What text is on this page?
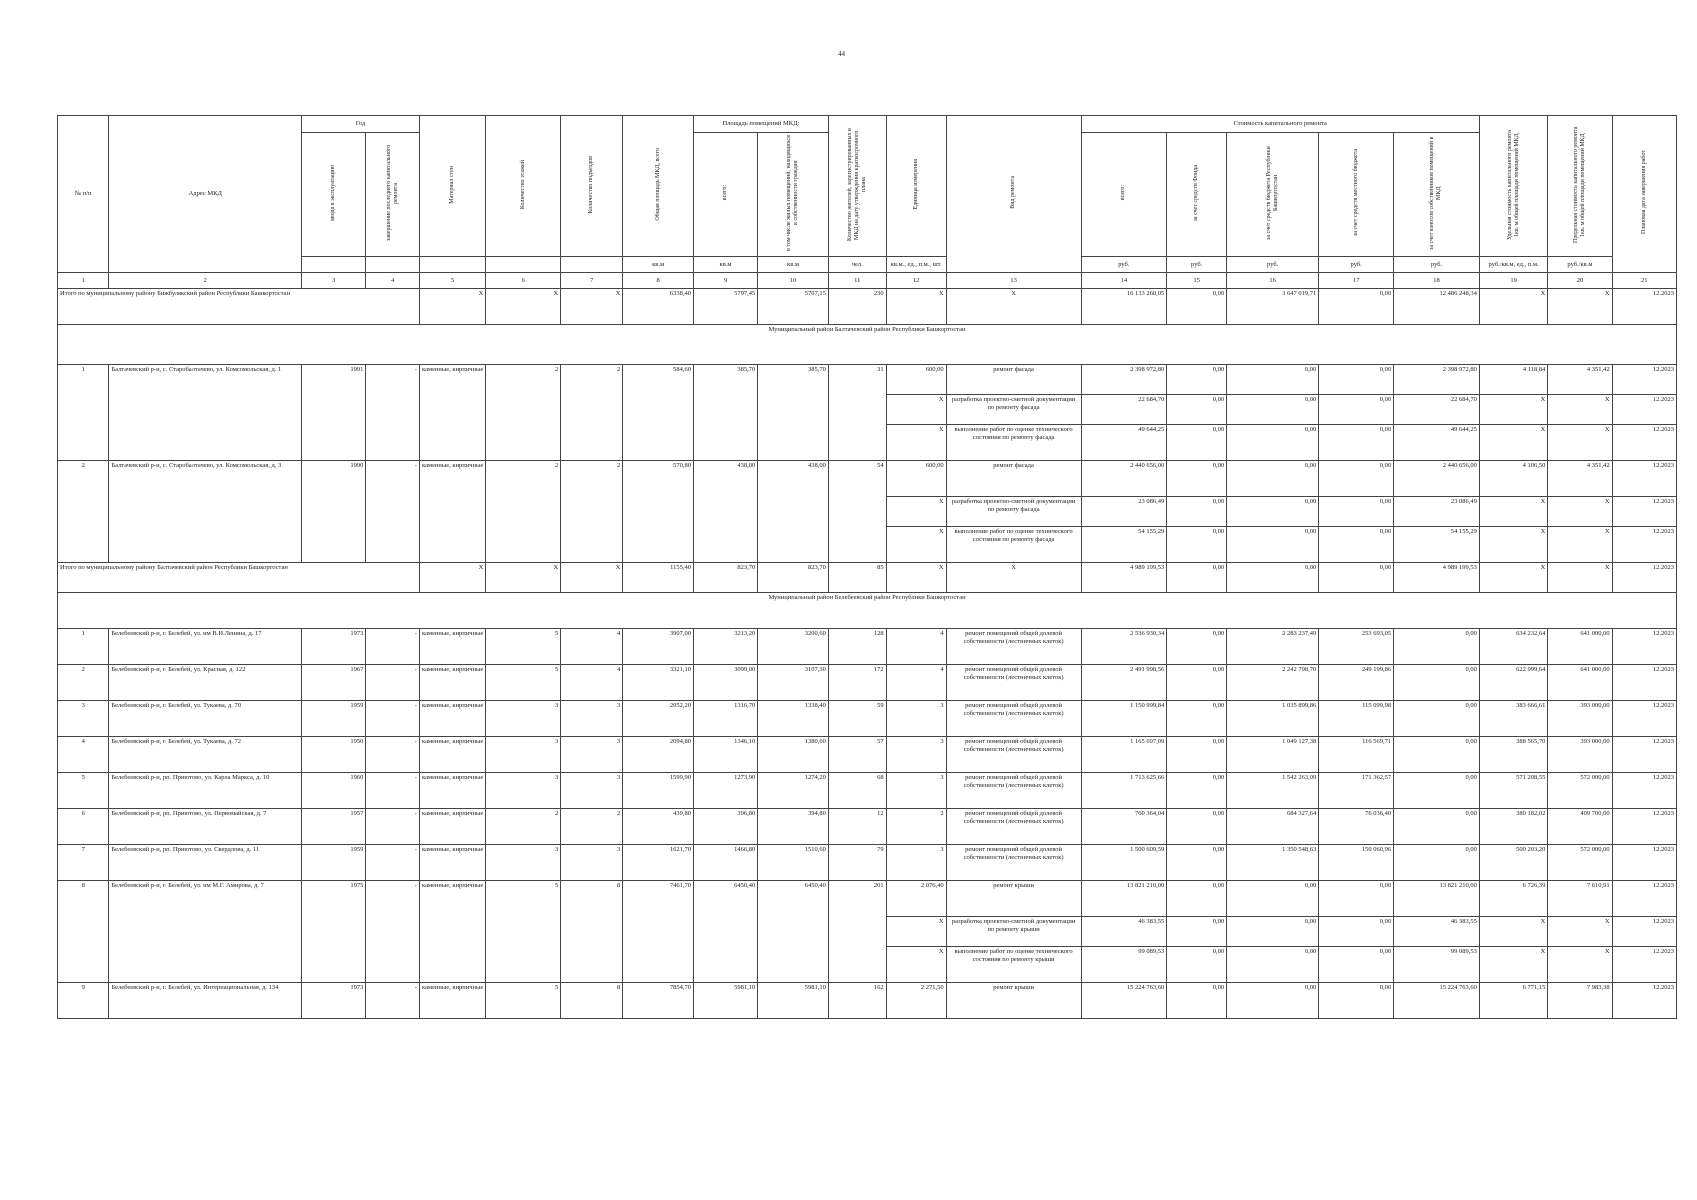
44
№ п/п	Адрес МКД	Год		Материал стен	Количество этажей	Количество подъездов	Общая площадь МКД, всего	Площадь помещений МКД:		Количество жителей, зарегистрированных в МКД на дату утверждения краткосрочного плана	Единица измерения	Вид ремонта	Стоимость капитального ремонта					Удельная стоимость капитального ремонта 1кв. м общей площади помещений МКД	Предельная стоимость капитального ремонта 1кв. м общей площади помещений МКД	Плановая дата завершения работ
		ввода в эксплуатацию	завершение последнего капитального ремонта					всего:	в том числе жилых помещений, находящихся в собственности граждан				всего:	за счет средств Фонда	за счет средств бюджета Республики Башкортостан	за счет средств местного бюджета	за счет взносов собственников помещений в МКД			
							кв.м	кв.м	кв.м	чел.	кв.м., ед., п.м., шт.		руб.	руб.	руб.	руб.	руб.	руб./кв.м, ед., п.м.	руб./кв.м	
1	2	3	4	5	6	7	8	9	10	11	12	13	14	15	16	17	18	19	20	21
Итого по муниципальному району Бижбулякский район Республики Башкортостан				X	X	X	6338,40	5797,45	5707,15	230	X	X	16 133 268,05	0,00	3 647 019,71	0,00	12 486 248,34	X	X	12.2023
Муниципальный район Балтачевский район Республики Башкортостан																				
1	Балтачевский р-н, с. Старобалтачево, ул. Комсомольская, д. 1	1991	-	каменные, кирпичные	2	2	584,60	385,70	385,70	31	600,00	ремонт фасада	2 398 972,80	0,00	0,00	0,00	2 398 972,80	4 118,84	4 351,42	12.2023
											X	разработка проектно-сметной документации по ремонту фасада	22 684,70	0,00	0,00	0,00	22 684,70	X	X	12.2023
											X	выполнение работ по оценке технического состояния по ремонту фасада	49 644,25	0,00	0,00	0,00	49 644,25	X	X	12.2023
2	Балтачевский р-н, с. Старобалтачево, ул. Комсомольская, д. 3	1990	-	каменные, кирпичные	2	2	570,80	438,00	438,00	54	600,00	ремонт фасада	2 440 656,00	0,00	0,00	0,00	2 440 656,00	4 106,50	4 351,42	12.2023
											X	разработка проектно-сметной документации по ремонту фасада	23 086,49	0,00	0,00	0,00	23 086,49	X	X	12.2023
											X	выполнение работ по оценке технического состояния по ремонту фасада	54 155,29	0,00	0,00	0,00	54 155,29	X	X	12.2023
Итого по муниципальному району Балтачевский район Республики Башкортостан				X	X	X	1155,40	823,70	823,70	85	X	X	4 989 199,53	0,00	0,00	0,00	4 989 199,53	X	X	12.2023
Муниципальный район Белебеевский район Республики Башкортостан																				
1	Белебеевский р-н, г. Белебей, ул. им В.И.Ленина, д. 17	1973	-	каменные, кирпичные	5	4	3907,00	3213,20	3200,60	128	4	ремонт помещений общей долевой собственности (лестничных клеток)	2 536 930,34	0,00	2 283 237,49	253 693,05	0,00	634 232,64	641 000,00	12.2023
2	Белебеевский р-н, г. Белебей, ул. Красная, д. 122	1967	-	каменные, кирпичные	5	4	3321,10	3099,00	3107,30	172	4	ремонт помещений общей долевой собственности (лестничных клеток)	2 491 998,56	0,00	2 242 798,70	249 199,86	0,00	622 999,64	641 000,00	12.2023
3	Белебеевский р-н, г. Белебей, ул. Тукаева, д. 70	1959	-	каменные, кирпичные	3	3	2052,20	1316,70	1338,40	59	3	ремонт помещений общей долевой собственности (лестничных клеток)	1 150 999,84	0,00	1 035 899,86	115 099,98	0,00	383 666,61	393 000,00	12.2023
4	Белебеевский р-н, г. Белебей, ул. Тукаева, д. 72	1950	-	каменные, кирпичные	3	3	2094,80	1346,10	1380,60	57	3	ремонт помещений общей долевой собственности (лестничных клеток)	1 165 697,09	0,00	1 049 127,38	116 569,71	0,00	388 565,70	393 000,00	12.2023
5	Белебеевский р-н, рп. Приютово, ул. Карла Маркса, д. 10	1960	-	каменные, кирпичные	3	3	1599,90	1273,90	1274,20	68	3	ремонт помещений общей долевой собственности (лестничных клеток)	1 713 625,66	0,00	1 542 263,09	171 362,57	0,00	571 208,55	572 000,00	12.2023
6	Белебеевский р-н, рп. Приютово, ул. Первомайская, д. 7	1957	-	каменные, кирпичные	2	2	439,80	396,80	394,80	12	2	ремонт помещений общей долевой собственности (лестничных клеток)	760 364,04	0,00	684 327,64	76 036,40	0,00	380 182,02	409 700,00	12.2023
7	Белебеевский р-н, рп. Приютово, ул. Свердлова, д. 11	1959	-	каменные, кирпичные	3	3	1621,70	1466,80	1510,60	79	3	ремонт помещений общей долевой собственности (лестничных клеток)	1 500 609,59	0,00	1 350 548,63	150 060,96	0,00	500 203,20	572 000,00	12.2023
8	Белебеевский р-н, г. Белебей, ул. им М.Г. Амирова, д. 7	1975	-	каменные, кирпичные	5	8	7461,70	6450,40	6450,40	201	2 076,40	ремонт крыши	13 821 210,00	0,00	0,00	0,00	13 821 210,00	6 726,39	7 610,91	12.2023
											X	разработка проектно-сметной документации по ремонту крыши	46 383,55	0,00	0,00	0,00	46 383,55	X	X	12.2023
											X	выполнение работ по оценке технического состояния по ремонту крыши	99 089,53	0,00	0,00	0,00	99 089,53	X	X	12.2023
9	Белебеевский р-н, г. Белебей, ул. Интернациональная, д. 134	1973	-	каменные, кирпичные	5	8	7854,70	5981,10	5981,10	162	2 271,50	ремонт крыши	15 224 763,60	0,00	0,00	0,00	15 224 763,60	6 771,15	7 983,38	12.2023
